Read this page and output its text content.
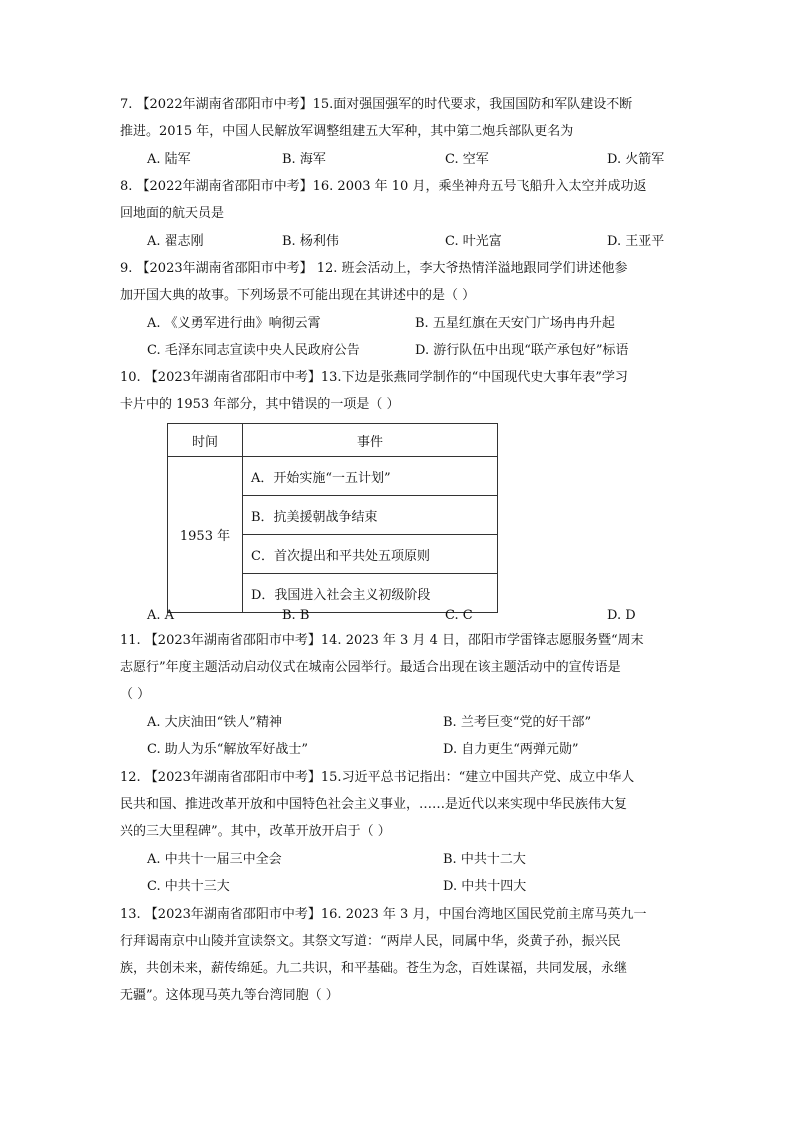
7. 【2022年湖南省邵阳市中考】15.面对强国强军的时代要求，我国国防和军队建设不断
推进。2015 年，中国人民解放军调整组建五大军种，其中第二炮兵部队更名为
A. 陆军	B. 海军	C. 空军	D. 火箭军
8. 【2022年湖南省邵阳市中考】16. 2003 年 10 月，乘坐神舟五号飞船升入太空并成功返
回地面的航天员是
A. 翟志刚	B. 杨利伟	C. 叶光富	D. 王亚平
9. 【2023年湖南省邵阳市中考】 12. 班会活动上，李大爷热情洋溢地跟同学们讲述他参
加开国大典的故事。下列场景不可能出现在其讲述中的是（ ）
A. 《义勇军进行曲》响彻云霄	B. 五星红旗在天安门广场冉冉升起
C. 毛泽东同志宣读中央人民政府公告	D. 游行队伍中出现“联产承包好”标语
10. 【2023年湖南省邵阳市中考】13.下边是张燕同学制作的“中国现代史大事年表”学习
卡片中的 1953 年部分，其中错误的一项是（ ）
时间	事件
1953 年	A．开始实施“一五计划”
	B．抗美援朝战争结束
	C．首次提出和平共处五项原则
	D．我国进入社会主义初级阶段
A. A	B. B	C. C	D. D
11. 【2023年湖南省邵阳市中考】14. 2023 年 3 月 4 日，邵阳市学雷锋志愿服务暨“周末
志愿行”年度主题活动启动仪式在城南公园举行。最适合出现在该主题活动中的宣传语是
（ ）
A. 大庆油田“铁人”精神	B. 兰考巨变“党的好干部”
C. 助人为乐“解放军好战士”	D. 自力更生“两弹元勋”
12. 【2023年湖南省邵阳市中考】15.习近平总书记指出：“建立中国共产党、成立中华人
民共和国、推进改革开放和中国特色社会主义事业，……是近代以来实现中华民族伟大复
兴的三大里程碑”。其中，改革开放开启于（ ）
A. 中共十一届三中全会	B. 中共十二大
C. 中共十三大	D. 中共十四大
13. 【2023年湖南省邵阳市中考】16. 2023 年 3 月，中国台湾地区国民党前主席马英九一
行拜谒南京中山陵并宣读祭文。其祭文写道：“两岸人民，同属中华，炎黄子孙，振兴民
族，共创未来，薪传绵延。九二共识，和平基础。苍生为念，百姓谋福，共同发展，永继
无疆”。这体现马英九等台湾同胞（ ）
